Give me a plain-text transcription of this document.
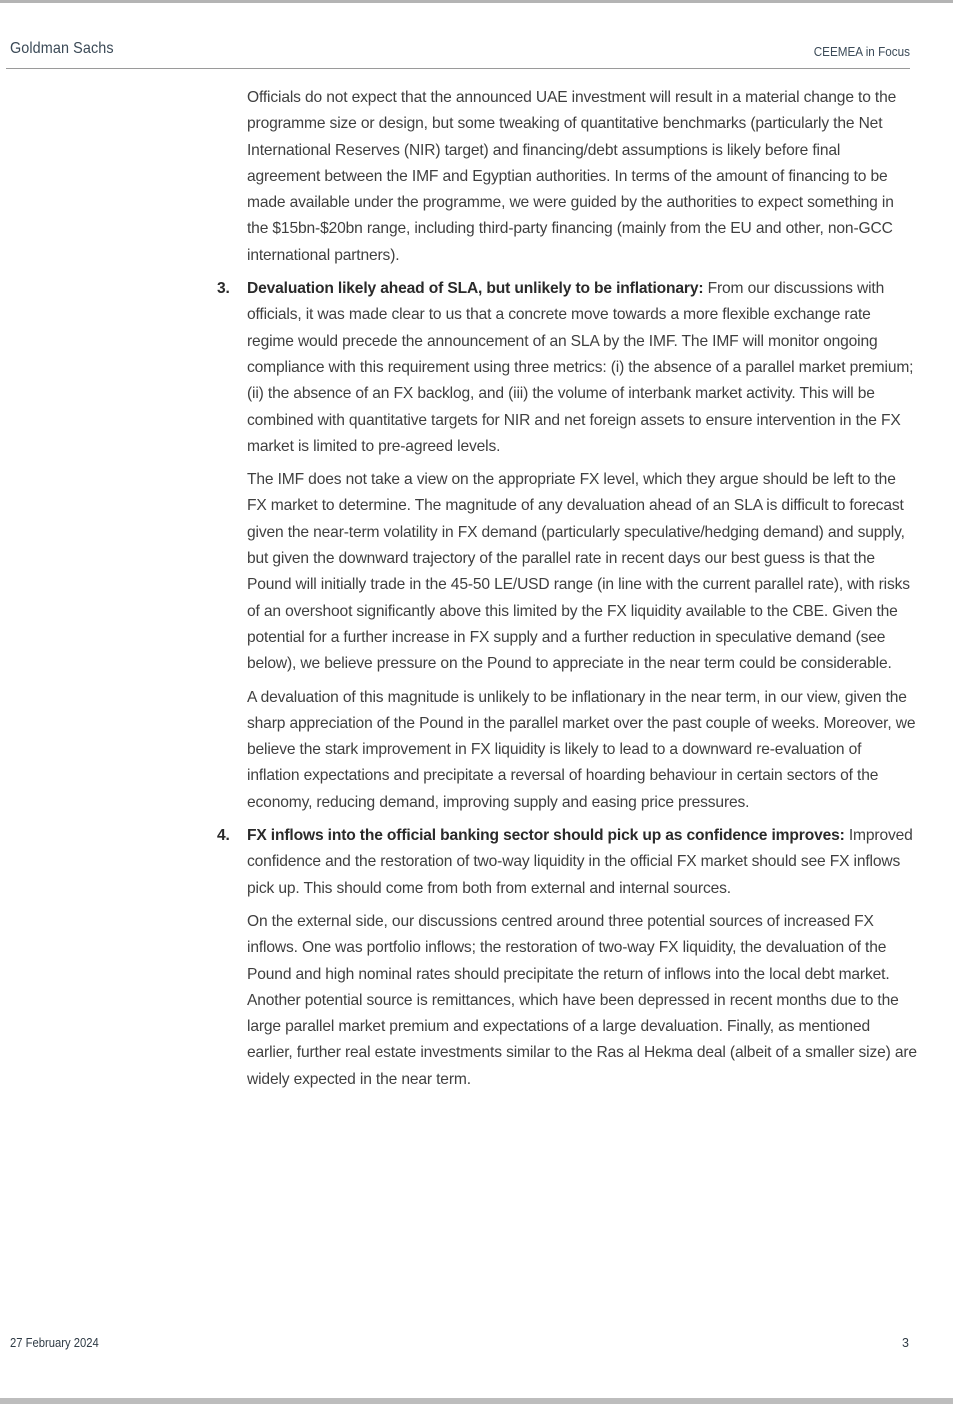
Goldman Sachs	CEEMEA in Focus

Officials do not expect that the announced UAE investment will result in a material change to the programme size or design, but some tweaking of quantitative benchmarks (particularly the Net International Reserves (NIR) target) and financing/debt assumptions is likely before final agreement between the IMF and Egyptian authorities. In terms of the amount of financing to be made available under the programme, we were guided by the authorities to expect something in the $15bn-$20bn range, including third-party financing (mainly from the EU and other, non-GCC international partners).

3. Devaluation likely ahead of SLA, but unlikely to be inflationary: From our discussions with officials, it was made clear to us that a concrete move towards a more flexible exchange rate regime would precede the announcement of an SLA by the IMF. The IMF will monitor ongoing compliance with this requirement using three metrics: (i) the absence of a parallel market premium; (ii) the absence of an FX backlog, and (iii) the volume of interbank market activity. This will be combined with quantitative targets for NIR and net foreign assets to ensure intervention in the FX market is limited to pre-agreed levels.

The IMF does not take a view on the appropriate FX level, which they argue should be left to the FX market to determine. The magnitude of any devaluation ahead of an SLA is difficult to forecast given the near-term volatility in FX demand (particularly speculative/hedging demand) and supply, but given the downward trajectory of the parallel rate in recent days our best guess is that the Pound will initially trade in the 45-50 LE/USD range (in line with the current parallel rate), with risks of an overshoot significantly above this limited by the FX liquidity available to the CBE. Given the potential for a further increase in FX supply and a further reduction in speculative demand (see below), we believe pressure on the Pound to appreciate in the near term could be considerable.

A devaluation of this magnitude is unlikely to be inflationary in the near term, in our view, given the sharp appreciation of the Pound in the parallel market over the past couple of weeks. Moreover, we believe the stark improvement in FX liquidity is likely to lead to a downward re-evaluation of inflation expectations and precipitate a reversal of hoarding behaviour in certain sectors of the economy, reducing demand, improving supply and easing price pressures.

4. FX inflows into the official banking sector should pick up as confidence improves: Improved confidence and the restoration of two-way liquidity in the official FX market should see FX inflows pick up. This should come from both from external and internal sources.

On the external side, our discussions centred around three potential sources of increased FX inflows. One was portfolio inflows; the restoration of two-way FX liquidity, the devaluation of the Pound and high nominal rates should precipitate the return of inflows into the local debt market. Another potential source is remittances, which have been depressed in recent months due to the large parallel market premium and expectations of a large devaluation. Finally, as mentioned earlier, further real estate investments similar to the Ras al Hekma deal (albeit of a smaller size) are widely expected in the near term.

27 February 2024	3
